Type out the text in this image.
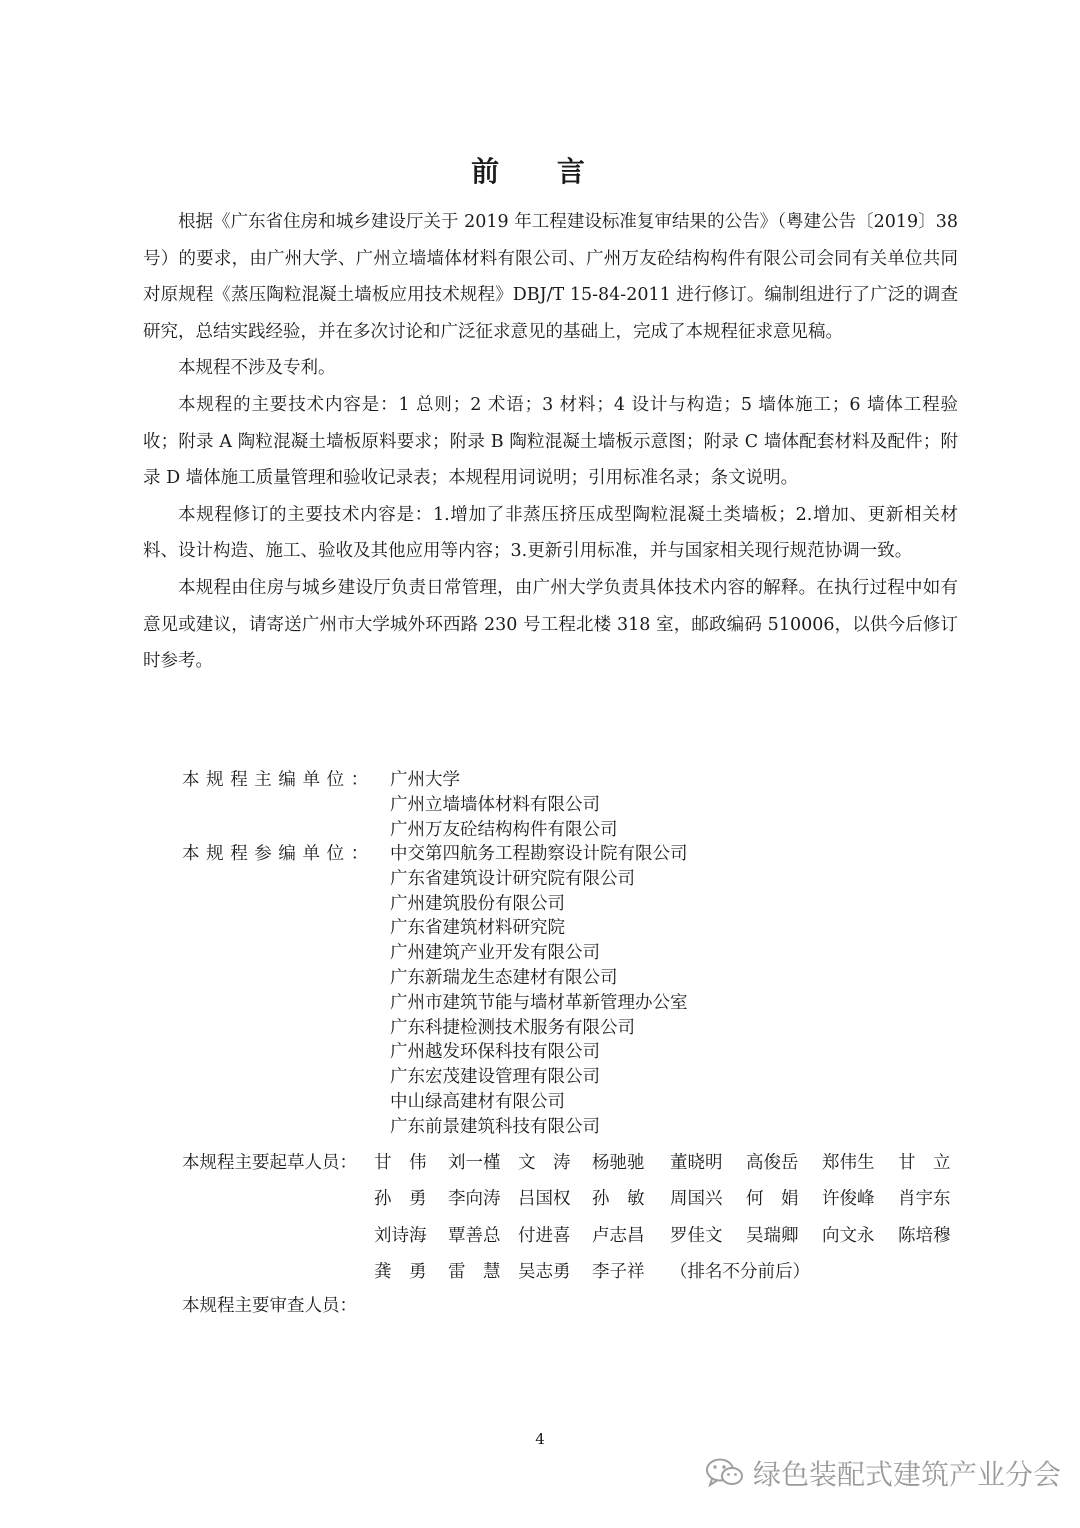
前 言

根据《广东省住房和城乡建设厅关于 2019 年工程建设标准复审结果的公告》（粤建公告〔2019〕38 号）的要求，由广州大学、广州立墙墙体材料有限公司、广州万友砼结构构件有限公司会同有关单位共同对原规程《蒸压陶粒混凝土墙板应用技术规程》DBJ/T 15-84-2011 进行修订。编制组进行了广泛的调查研究，总结实践经验，并在多次讨论和广泛征求意见的基础上，完成了本规程征求意见稿。

本规程不涉及专利。

本规程的主要技术内容是：1 总则；2 术语；3 材料；4 设计与构造；5 墙体施工；6 墙体工程验收；附录 A 陶粒混凝土墙板原料要求；附录 B 陶粒混凝土墙板示意图；附录 C 墙体配套材料及配件；附录 D 墙体施工质量管理和验收记录表；本规程用词说明；引用标准名录；条文说明。

本规程修订的主要技术内容是：1.增加了非蒸压挤压成型陶粒混凝土类墙板；2.增加、更新相关材料、设计构造、施工、验收及其他应用等内容；3.更新引用标准，并与国家相关现行规范协调一致。

本规程由住房与城乡建设厅负责日常管理，由广州大学负责具体技术内容的解释。在执行过程中如有意见或建议，请寄送广州市大学城外环西路 230 号工程北楼 318 室，邮政编码 510006，以供今后修订时参考。

本规程主编单位： 广州大学
广州立墙墙体材料有限公司
广州万友砼结构构件有限公司
本规程参编单位： 中交第四航务工程勘察设计院有限公司
广东省建筑设计研究院有限公司
广州建筑股份有限公司
广东省建筑材料研究院
广州建筑产业开发有限公司
广东新瑞龙生态建材有限公司
广州市建筑节能与墙材革新管理办公室
广东科捷检测技术服务有限公司
广州越发环保科技有限公司
广东宏茂建设管理有限公司
中山绿高建材有限公司
广东前景建筑科技有限公司
本规程主要起草人员： 甘　伟	刘一槿	文　涛	杨驰驰	董晓明	高俊岳	郑伟生	甘　立
孙　勇	李向涛	吕国权	孙　敏	周国兴	何　娟	许俊峰	肖宇东
刘诗海	覃善总	付进喜	卢志昌	罗佳文	吴瑞卿	向文永	陈培穆
龚　勇	雷　慧	吴志勇	李子祥	（排名不分前后）
本规程主要审查人员：
4
绿色装配式建筑产业分会
